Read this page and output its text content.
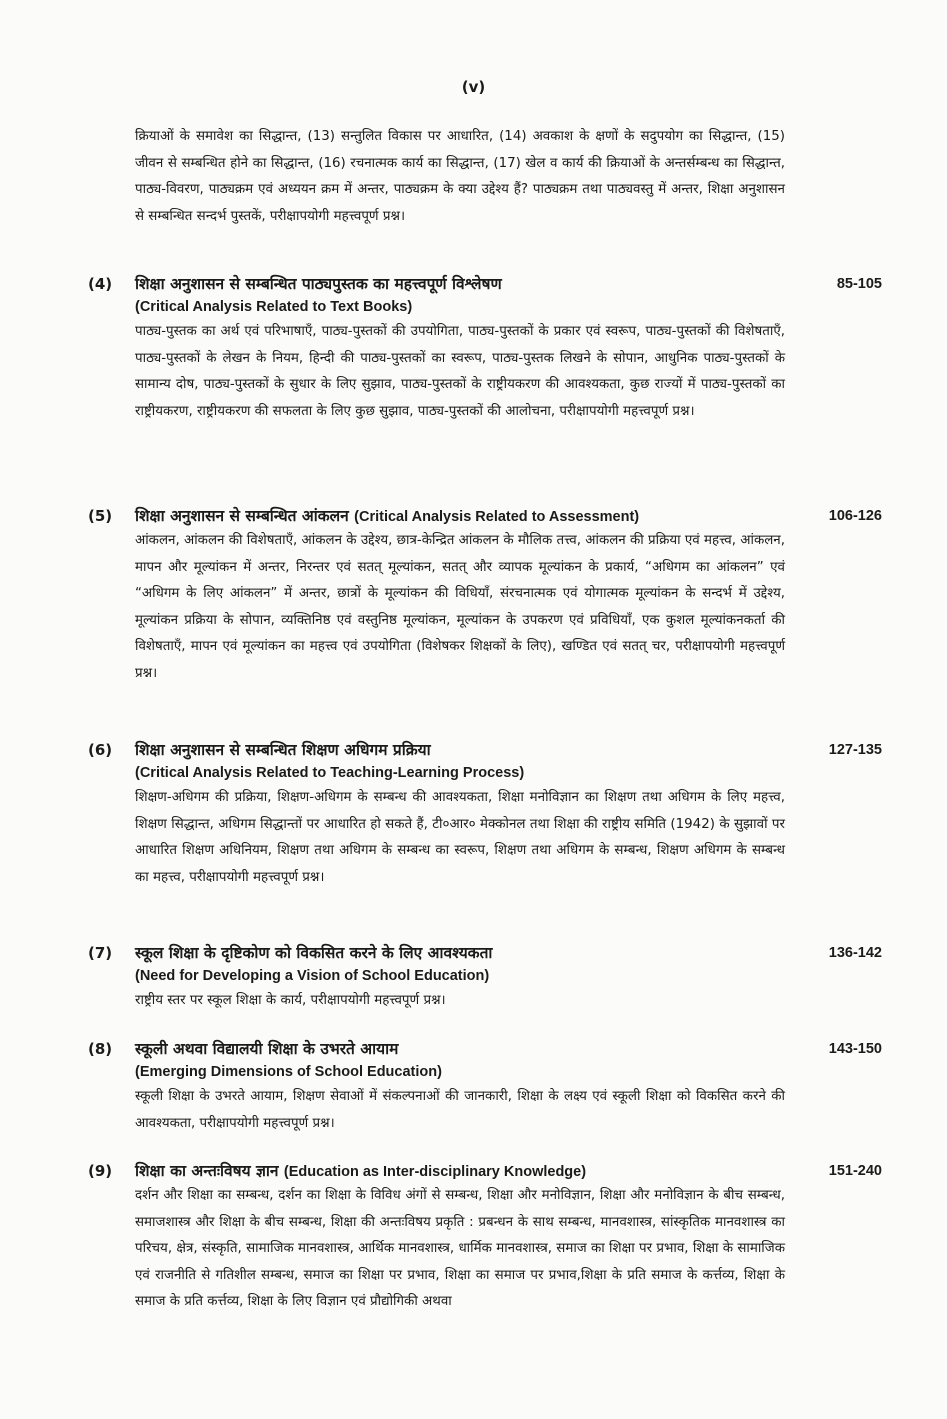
(v)
क्रियाओं के समावेश का सिद्धान्त, (13) सन्तुलित विकास पर आधारित, (14) अवकाश के क्षणों के सदुपयोग का सिद्धान्त, (15) जीवन से सम्बन्धित होने का सिद्धान्त, (16) रचनात्मक कार्य का सिद्धान्त, (17) खेल व कार्य की क्रियाओं के अन्तर्सम्बन्ध का सिद्धान्त, पाठ्य-विवरण, पाठ्यक्रम एवं अध्ययन क्रम में अन्तर, पाठ्यक्रम के क्या उद्देश्य हैं? पाठ्यक्रम तथा पाठ्यवस्तु में अन्तर, शिक्षा अनुशासन से सम्बन्धित सन्दर्भ पुस्तकें, परीक्षापयोगी महत्त्वपूर्ण प्रश्न।
(4)	85-105
शिक्षा अनुशासन से सम्बन्धित पाठ्यपुस्तक का महत्त्वपूर्ण विश्लेषण
(Critical Analysis Related to Text Books)
पाठ्य-पुस्तक का अर्थ एवं परिभाषाएँ, पाठ्य-पुस्तकों की उपयोगिता, पाठ्य-पुस्तकों के प्रकार एवं स्वरूप, पाठ्य-पुस्तकों की विशेषताएँ, पाठ्य-पुस्तकों के लेखन के नियम, हिन्दी की पाठ्य-पुस्तकों का स्वरूप, पाठ्य-पुस्तक लिखने के सोपान, आधुनिक पाठ्य-पुस्तकों के सामान्य दोष, पाठ्य-पुस्तकों के सुधार के लिए सुझाव, पाठ्य-पुस्तकों के राष्ट्रीयकरण की आवश्यकता, कुछ राज्यों में पाठ्य-पुस्तकों का राष्ट्रीयकरण, राष्ट्रीयकरण की सफलता के लिए कुछ सुझाव, पाठ्य-पुस्तकों की आलोचना, परीक्षापयोगी महत्त्वपूर्ण प्रश्न।
(5)	106-126
शिक्षा अनुशासन से सम्बन्धित आंकलन (Critical Analysis Related to Assessment)
आंकलन, आंकलन की विशेषताएँ, आंकलन के उद्देश्य, छात्र-केन्द्रित आंकलन के मौलिक तत्त्व, आंकलन की प्रक्रिया एवं महत्त्व, आंकलन, मापन और मूल्यांकन में अन्तर, निरन्तर एवं सतत् मूल्यांकन, सतत् और व्यापक मूल्यांकन के प्रकार्य, “अधिगम का आंकलन” एवं “अधिगम के लिए आंकलन” में अन्तर, छात्रों के मूल्यांकन की विधियाँ, संरचनात्मक एवं योगात्मक मूल्यांकन के सन्दर्भ में उद्देश्य, मूल्यांकन प्रक्रिया के सोपान, व्यक्तिनिष्ठ एवं वस्तुनिष्ठ मूल्यांकन, मूल्यांकन के उपकरण एवं प्रविधियाँ, एक कुशल मूल्यांकनकर्ता की विशेषताएँ, मापन एवं मूल्यांकन का महत्त्व एवं उपयोगिता (विशेषकर शिक्षकों के लिए), खण्डित एवं सतत् चर, परीक्षापयोगी महत्त्वपूर्ण प्रश्न।
(6)	127-135
शिक्षा अनुशासन से सम्बन्धित शिक्षण अधिगम प्रक्रिया
(Critical Analysis Related to Teaching-Learning Process)
शिक्षण-अधिगम की प्रक्रिया, शिक्षण-अधिगम के सम्बन्ध की आवश्यकता, शिक्षा मनोविज्ञान का शिक्षण तथा अधिगम के लिए महत्त्व, शिक्षण सिद्धान्त, अधिगम सिद्धान्तों पर आधारित हो सकते हैं, टी०आर० मेक्कोनल तथा शिक्षा की राष्ट्रीय समिति (1942) के सुझावों पर आधारित शिक्षण अधिनियम, शिक्षण तथा अधिगम के सम्बन्ध का स्वरूप, शिक्षण तथा अधिगम के सम्बन्ध, शिक्षण अधिगम के सम्बन्ध का महत्त्व, परीक्षापयोगी महत्त्वपूर्ण प्रश्न।
(7)	136-142
स्कूल शिक्षा के दृष्टिकोण को विकसित करने के लिए आवश्यकता
(Need for Developing a Vision of School Education)
राष्ट्रीय स्तर पर स्कूल शिक्षा के कार्य, परीक्षापयोगी महत्त्वपूर्ण प्रश्न।
(8)	143-150
स्कूली अथवा विद्यालयी शिक्षा के उभरते आयाम
(Emerging Dimensions of School Education)
स्कूली शिक्षा के उभरते आयाम, शिक्षण सेवाओं में संकल्पनाओं की जानकारी, शिक्षा के लक्ष्य एवं स्कूली शिक्षा को विकसित करने की आवश्यकता, परीक्षापयोगी महत्त्वपूर्ण प्रश्न।
(9)	151-240
शिक्षा का अन्तःविषय ज्ञान (Education as Inter-disciplinary Knowledge)
दर्शन और शिक्षा का सम्बन्ध, दर्शन का शिक्षा के विविध अंगों से सम्बन्ध, शिक्षा और मनोविज्ञान, शिक्षा और मनोविज्ञान के बीच सम्बन्ध, समाजशास्त्र और शिक्षा के बीच सम्बन्ध, शिक्षा की अन्तःविषय प्रकृति : प्रबन्धन के साथ सम्बन्ध, मानवशास्त्र, सांस्कृतिक मानवशास्त्र का परिचय, क्षेत्र, संस्कृति, सामाजिक मानवशास्त्र, आर्थिक मानवशास्त्र, धार्मिक मानवशास्त्र, समाज का शिक्षा पर प्रभाव, शिक्षा के सामाजिक एवं राजनीति से गतिशील सम्बन्ध, समाज का शिक्षा पर प्रभाव, शिक्षा का समाज पर प्रभाव,शिक्षा के प्रति समाज के कर्त्तव्य, शिक्षा के समाज के प्रति कर्त्तव्य, शिक्षा के लिए विज्ञान एवं प्रौद्योगिकी अथवा
